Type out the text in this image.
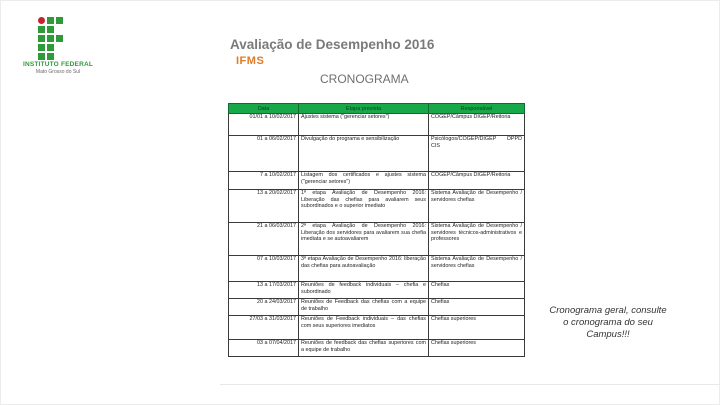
INSTITUTO FEDERAL
Mato Grosso do Sul
Avaliação de Desempenho 2016
IFMS
CRONOGRAMA
Data	Etapa prevista	Responsável
01/01 a 10/02/2017	Ajustes sistema ("gerenciar setores")	COGEP/Câmpus DIGEP/Reitoria
01 a 06/02/2017	Divulgação do programa e sensibilização	Psicólogos/COGEP/DIGEP OPPD CIS
7 a 10/02/2017	Listagem dos certificados e ajustes sistema ("gerenciar setores")	COGEP/Câmpus DIGEP/Reitoria
13 a 20/02/2017	1ª etapa Avaliação de Desempenho 2016: Liberação das chefias para avaliarem seus subordinados e o superior imediato	Sistema Avaliação de Desempenho / servidores chefias
21 a 06/03/2017	2ª etapa Avaliação de Desempenho 2016: Liberação dos servidores para avaliarem sua chefia imediata e se autoavaliarem	Sistema Avaliação de Desempenho / servidores técnicos-administrativos e professores
07 a 10/03/2017	3ª etapa Avaliação de Desempenho 2016: liberação das chefias para autoavaliação	Sistema Avaliação de Desempenho / servidores chefias
13 a 17/03/2017	Reuniões de feedback individuais – chefia e subordinado	Chefias
20 a 24/03/2017	Reuniões de Feedback das chefias com a equipe de trabalho	Chefias
27/03 a 31/03/2017	Reuniões de Feedback individuais – das chefias com seus superiores imediatos	Chefias superiores
03 a 07/04/2017	Reuniões de feedback das chefias superiores com a equipe de trabalho	Chefias superiores
Cronograma geral, consulte o cronograma do seu Campus!!!
